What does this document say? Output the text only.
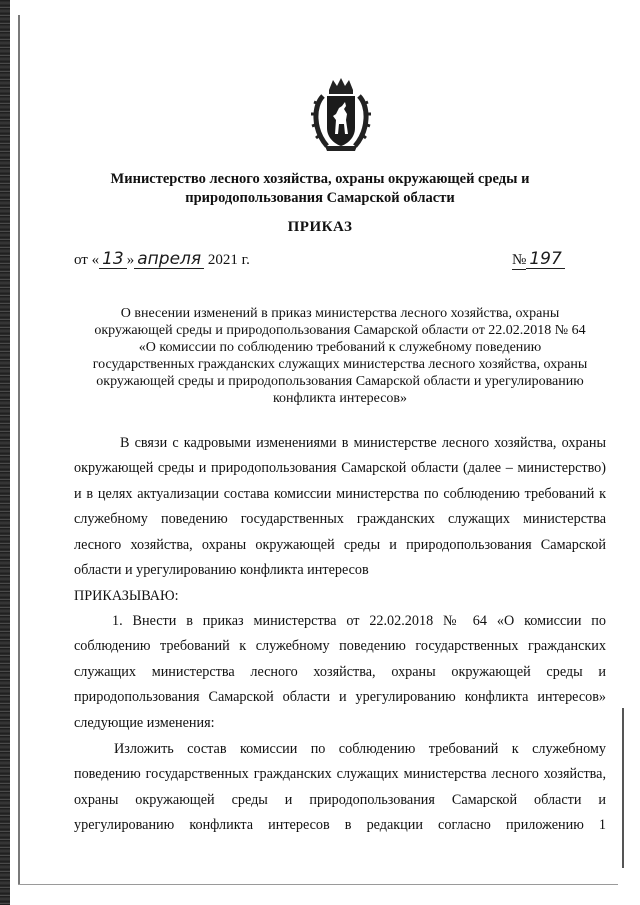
Министерство лесного хозяйства, охраны окружающей среды и
природопользования Самарской области
ПРИКАЗ
от « 13 » апреля 2021 г.	№ 197
О внесении изменений в приказ министерства лесного хозяйства, охраны
окружающей среды и природопользования Самарской области от 22.02.2018 № 64
«О комиссии по соблюдению требований к служебному поведению
государственных гражданских служащих министерства лесного хозяйства, охраны
окружающей среды и природопользования Самарской области и урегулированию
конфликта интересов»
В связи с кадровыми изменениями в министерстве лесного хозяйства, охраны окружающей среды и природопользования Самарской области (далее – министерство) и в целях актуализации состава комиссии министерства по соблюдению требований к служебному поведению государственных гражданских служащих министерства лесного хозяйства, охраны окружающей среды и природопользования Самарской области и урегулированию конфликта интересов
ПРИКАЗЫВАЮ:
1. Внести в приказ министерства от 22.02.2018 № 64 «О комиссии по соблюдению требований к служебному поведению государственных гражданских служащих министерства лесного хозяйства, охраны окружающей среды и природопользования Самарской области и урегулированию конфликта интересов» следующие изменения:
Изложить состав комиссии по соблюдению требований к служебному поведению государственных гражданских служащих министерства лесного хозяйства, охраны окружающей среды и природопользования Самарской области и урегулированию конфликта интересов в редакции согласно приложению 1
